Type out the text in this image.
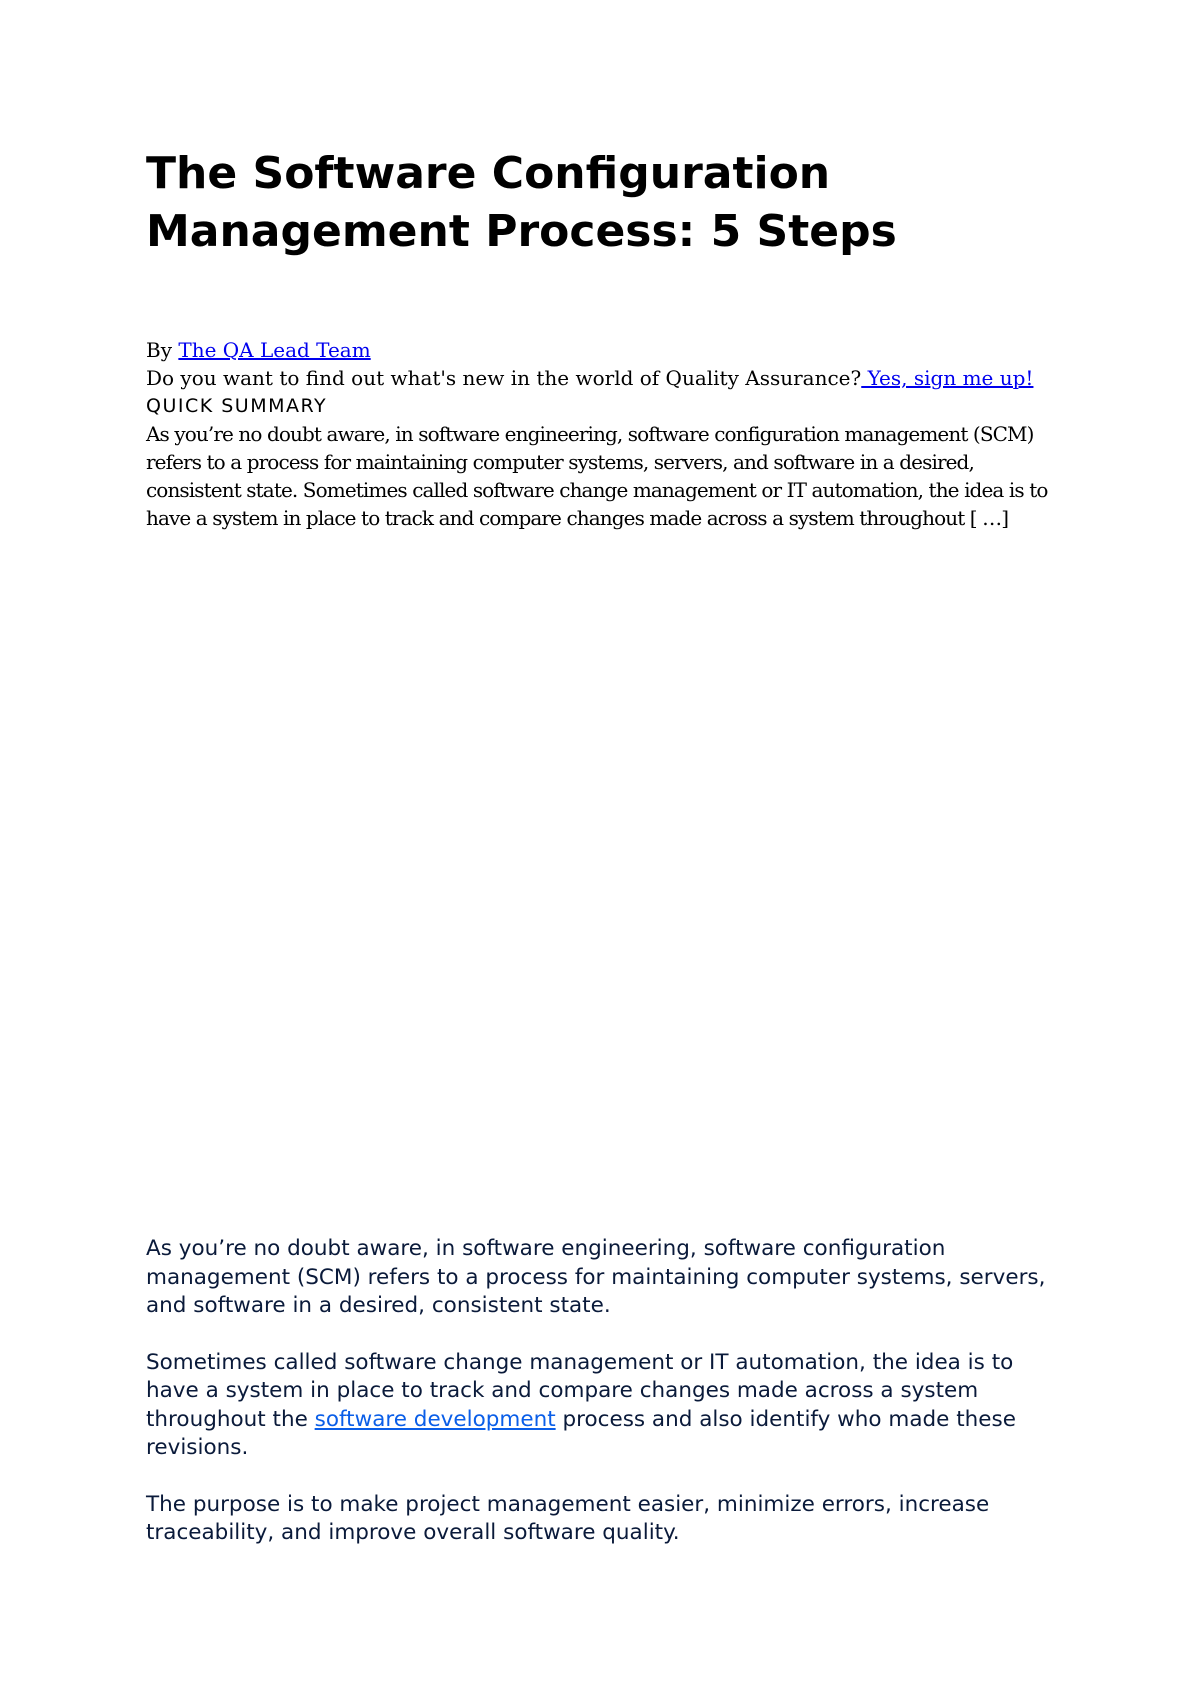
The Software Configuration Management Process: 5 Steps

By The QA Lead Team

Do you want to find out what's new in the world of Quality Assurance? Yes, sign me up!

QUICK SUMMARY

As you’re no doubt aware, in software engineering, software configuration management (SCM) refers to a process for maintaining computer systems, servers, and software in a desired, consistent state. Sometimes called software change management or IT automation, the idea is to have a system in place to track and compare changes made across a system throughout [ …]

As you’re no doubt aware, in software engineering, software configuration management (SCM) refers to a process for maintaining computer systems, servers, and software in a desired, consistent state.

Sometimes called software change management or IT automation, the idea is to have a system in place to track and compare changes made across a system throughout the software development process and also identify who made these revisions.

The purpose is to make project management easier, minimize errors, increase traceability, and improve overall software quality.
